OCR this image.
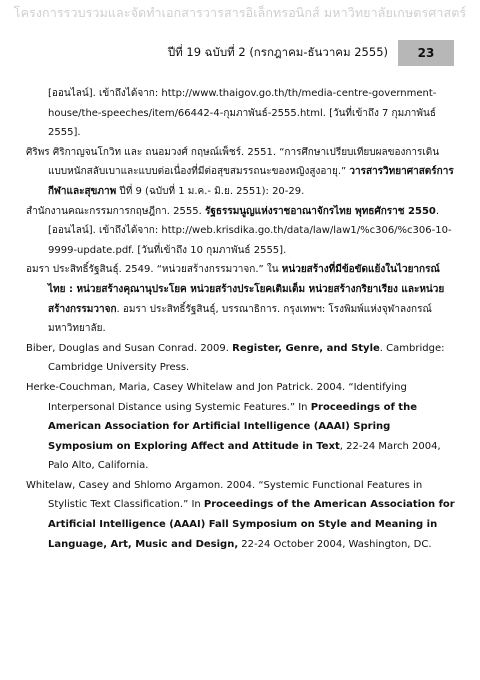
โครงการรวบรวมและจัดทำเอกสารวารสารอิเล็กทรอนิกส์ มหาวิทยาลัยเกษตรศาสตร์
ปีที่ 19 ฉบับที่ 2 (กรกฎาคม-ธันวาคม 2555) 23
[ออนไลน์]. เข้าถึงได้จาก: http://www.thaigov.go.th/th/media-centre-government-house/the-speeches/item/66442-4-กุมภาพันธ์-2555.html. [วันที่เข้าถึง 7 กุมภาพันธ์ 2555].
ศิริพร ศิริกาญจนโกวิท และ ถนอมวงศ์ กฤษณ์เพ็ชร์. 2551. “การศึกษาเปรียบเทียบผลของการเดินแบบหนักสลับเบาและแบบต่อเนื่องที่มีต่อสุขสมรรถนะของหญิงสูงอายุ.” วารสารวิทยาศาสตร์การกีฬาและสุขภาพ ปีที่ 9 (ฉบับที่ 1 ม.ค.- มิ.ย. 2551): 20-29.
สำนักงานคณะกรรมการกฤษฎีกา. 2555. รัฐธรรมนูญแห่งราชอาณาจักรไทย พุทธศักราช 2550. [ออนไลน์]. เข้าถึงได้จาก: http://web.krisdika.go.th/data/law/law1/%c306/%c306-10-9999-update.pdf. [วันที่เข้าถึง 10 กุมภาพันธ์ 2555].
อมรา ประสิทธิ์รัฐสินธุ์. 2549. “หน่วยสร้างกรรมวาจก.” ใน หน่วยสร้างที่มีข้อขัดแย้งในไวยากรณ์ไทย : หน่วยสร้างคุณานุประโยค หน่วยสร้างประโยคเติมเต็ม หน่วยสร้างกริยาเรียง และหน่วยสร้างกรรมวาจก. อมรา ประสิทธิ์รัฐสินธุ์, บรรณาธิการ. กรุงเทพฯ: โรงพิมพ์แห่งจุฬาลงกรณ์มหาวิทยาลัย.
Biber, Douglas and Susan Conrad. 2009. Register, Genre, and Style. Cambridge: Cambridge University Press.
Herke-Couchman, Maria, Casey Whitelaw and Jon Patrick. 2004. “Identifying Interpersonal Distance using Systemic Features.” In Proceedings of the American Association for Artificial Intelligence (AAAI) Spring Symposium on Exploring Affect and Attitude in Text, 22-24 March 2004, Palo Alto, California.
Whitelaw, Casey and Shlomo Argamon. 2004. “Systemic Functional Features in Stylistic Text Classification.” In Proceedings of the American Association for Artificial Intelligence (AAAI) Fall Symposium on Style and Meaning in Language, Art, Music and Design, 22-24 October 2004, Washington, DC.
